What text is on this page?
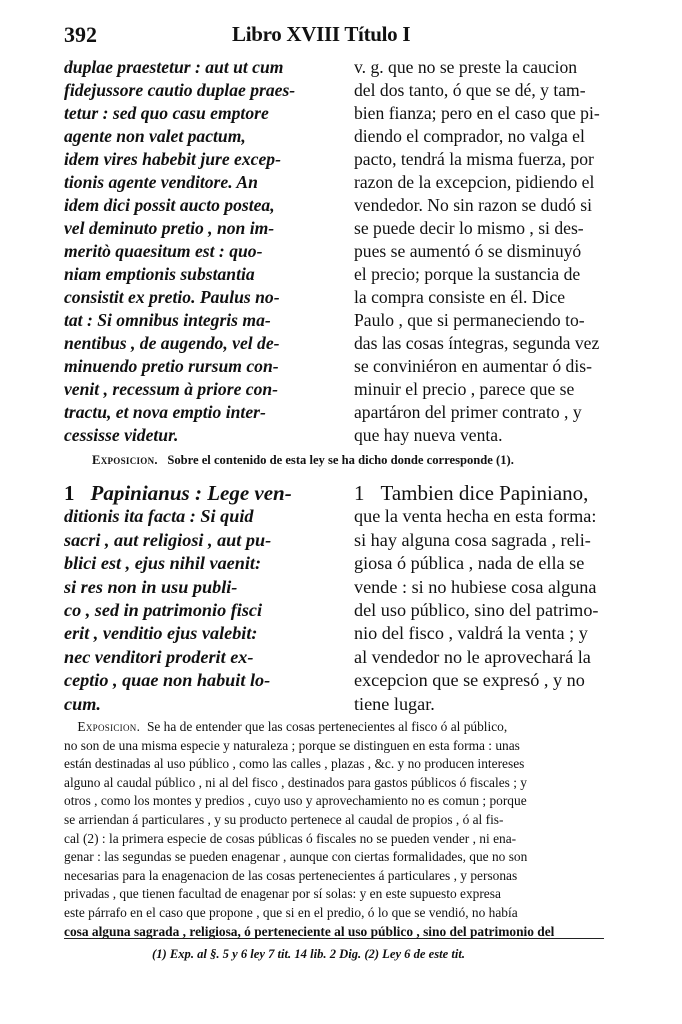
392	Libro XVIII Título I
duplae praestetur : aut ut cum
fidejussore cautio duplae praes-
tetur : sed quo casu emptore
agente non valet pactum,
idem vires habebit jure excep-
tionis agente venditore. An
idem dici possit aucto postea,
vel deminuto pretio , non im-
meritò quaesitum est : quo-
niam emptionis substantia
consistit ex pretio. Paulus no-
tat : Si omnibus integris ma-
nentibus , de augendo, vel de-
minuendo pretio rursum con-
venit , recessum à priore con-
tractu, et nova emptio inter-
cessisse videtur.
v. g. que no se preste la caucion
del dos tanto, ó que se dé, y tam-
bien fianza; pero en el caso que pi-
diendo el comprador, no valga el
pacto, tendrá la misma fuerza, por
razon de la excepcion, pidiendo el
vendedor. No sin razon se dudó si
se puede decir lo mismo , si des-
pues se aumentó ó se disminuyó
el precio; porque la sustancia de
la compra consiste en él. Dice
Paulo , que si permaneciendo to-
das las cosas íntegras, segunda vez
se conviniéron en aumentar ó dis-
minuir el precio , parece que se
apartáron del primer contrato , y
que hay nueva venta.
Exposicion. Sobre el contenido de esta ley se ha dicho donde corresponde (1).
1 Papinianus : Lege ven-
ditionis ita facta : Si quid
sacri , aut religiosi , aut pu-
blici est , ejus nihil vaenit:
si res non in usu publi-
co , sed in patrimonio fisci
erit , venditio ejus valebit:
nec venditori proderit ex-
ceptio , quae non habuit lo-
cum.
1 Tambien dice Papiniano,
que la venta hecha en esta forma:
si hay alguna cosa sagrada , reli-
giosa ó pública , nada de ella se
vende : si no hubiese cosa alguna
del uso público, sino del patrimo-
nio del fisco , valdrá la venta ; y
al vendedor no le aprovechará la
excepcion que se expresó , y no
tiene lugar.
Exposicion. Se ha de entender que las cosas pertenecientes al fisco ó al público,
no son de una misma especie y naturaleza ; porque se distinguen en esta forma : unas
están destinadas al uso público , como las calles , plazas , &c. y no producen intereses
alguno al caudal público , ni al del fisco , destinados para gastos públicos ó fiscales ; y
otros , como los montes y predios , cuyo uso y aprovechamiento no es comun ; porque
se arriendan á particulares , y su producto pertenece al caudal de propios , ó al fis-
cal (2) : la primera especie de cosas públicas ó fiscales no se pueden vender , ni ena-
genar : las segundas se pueden enagenar , aunque con ciertas formalidades, que no son
necesarias para la enagenacion de las cosas pertenecientes á particulares , y personas
privadas , que tienen facultad de enagenar por sí solas: y en este supuesto expresa
este párrafo en el caso que propone , que si en el predio, ó lo que se vendió, no había
cosa alguna sagrada , religiosa, ó perteneciente al uso público , sino del patrimonio del
(1) Exp. al §. 5 y 6 ley 7 tit. 14 lib. 2 Dig. (2) Ley 6 de este tit.
